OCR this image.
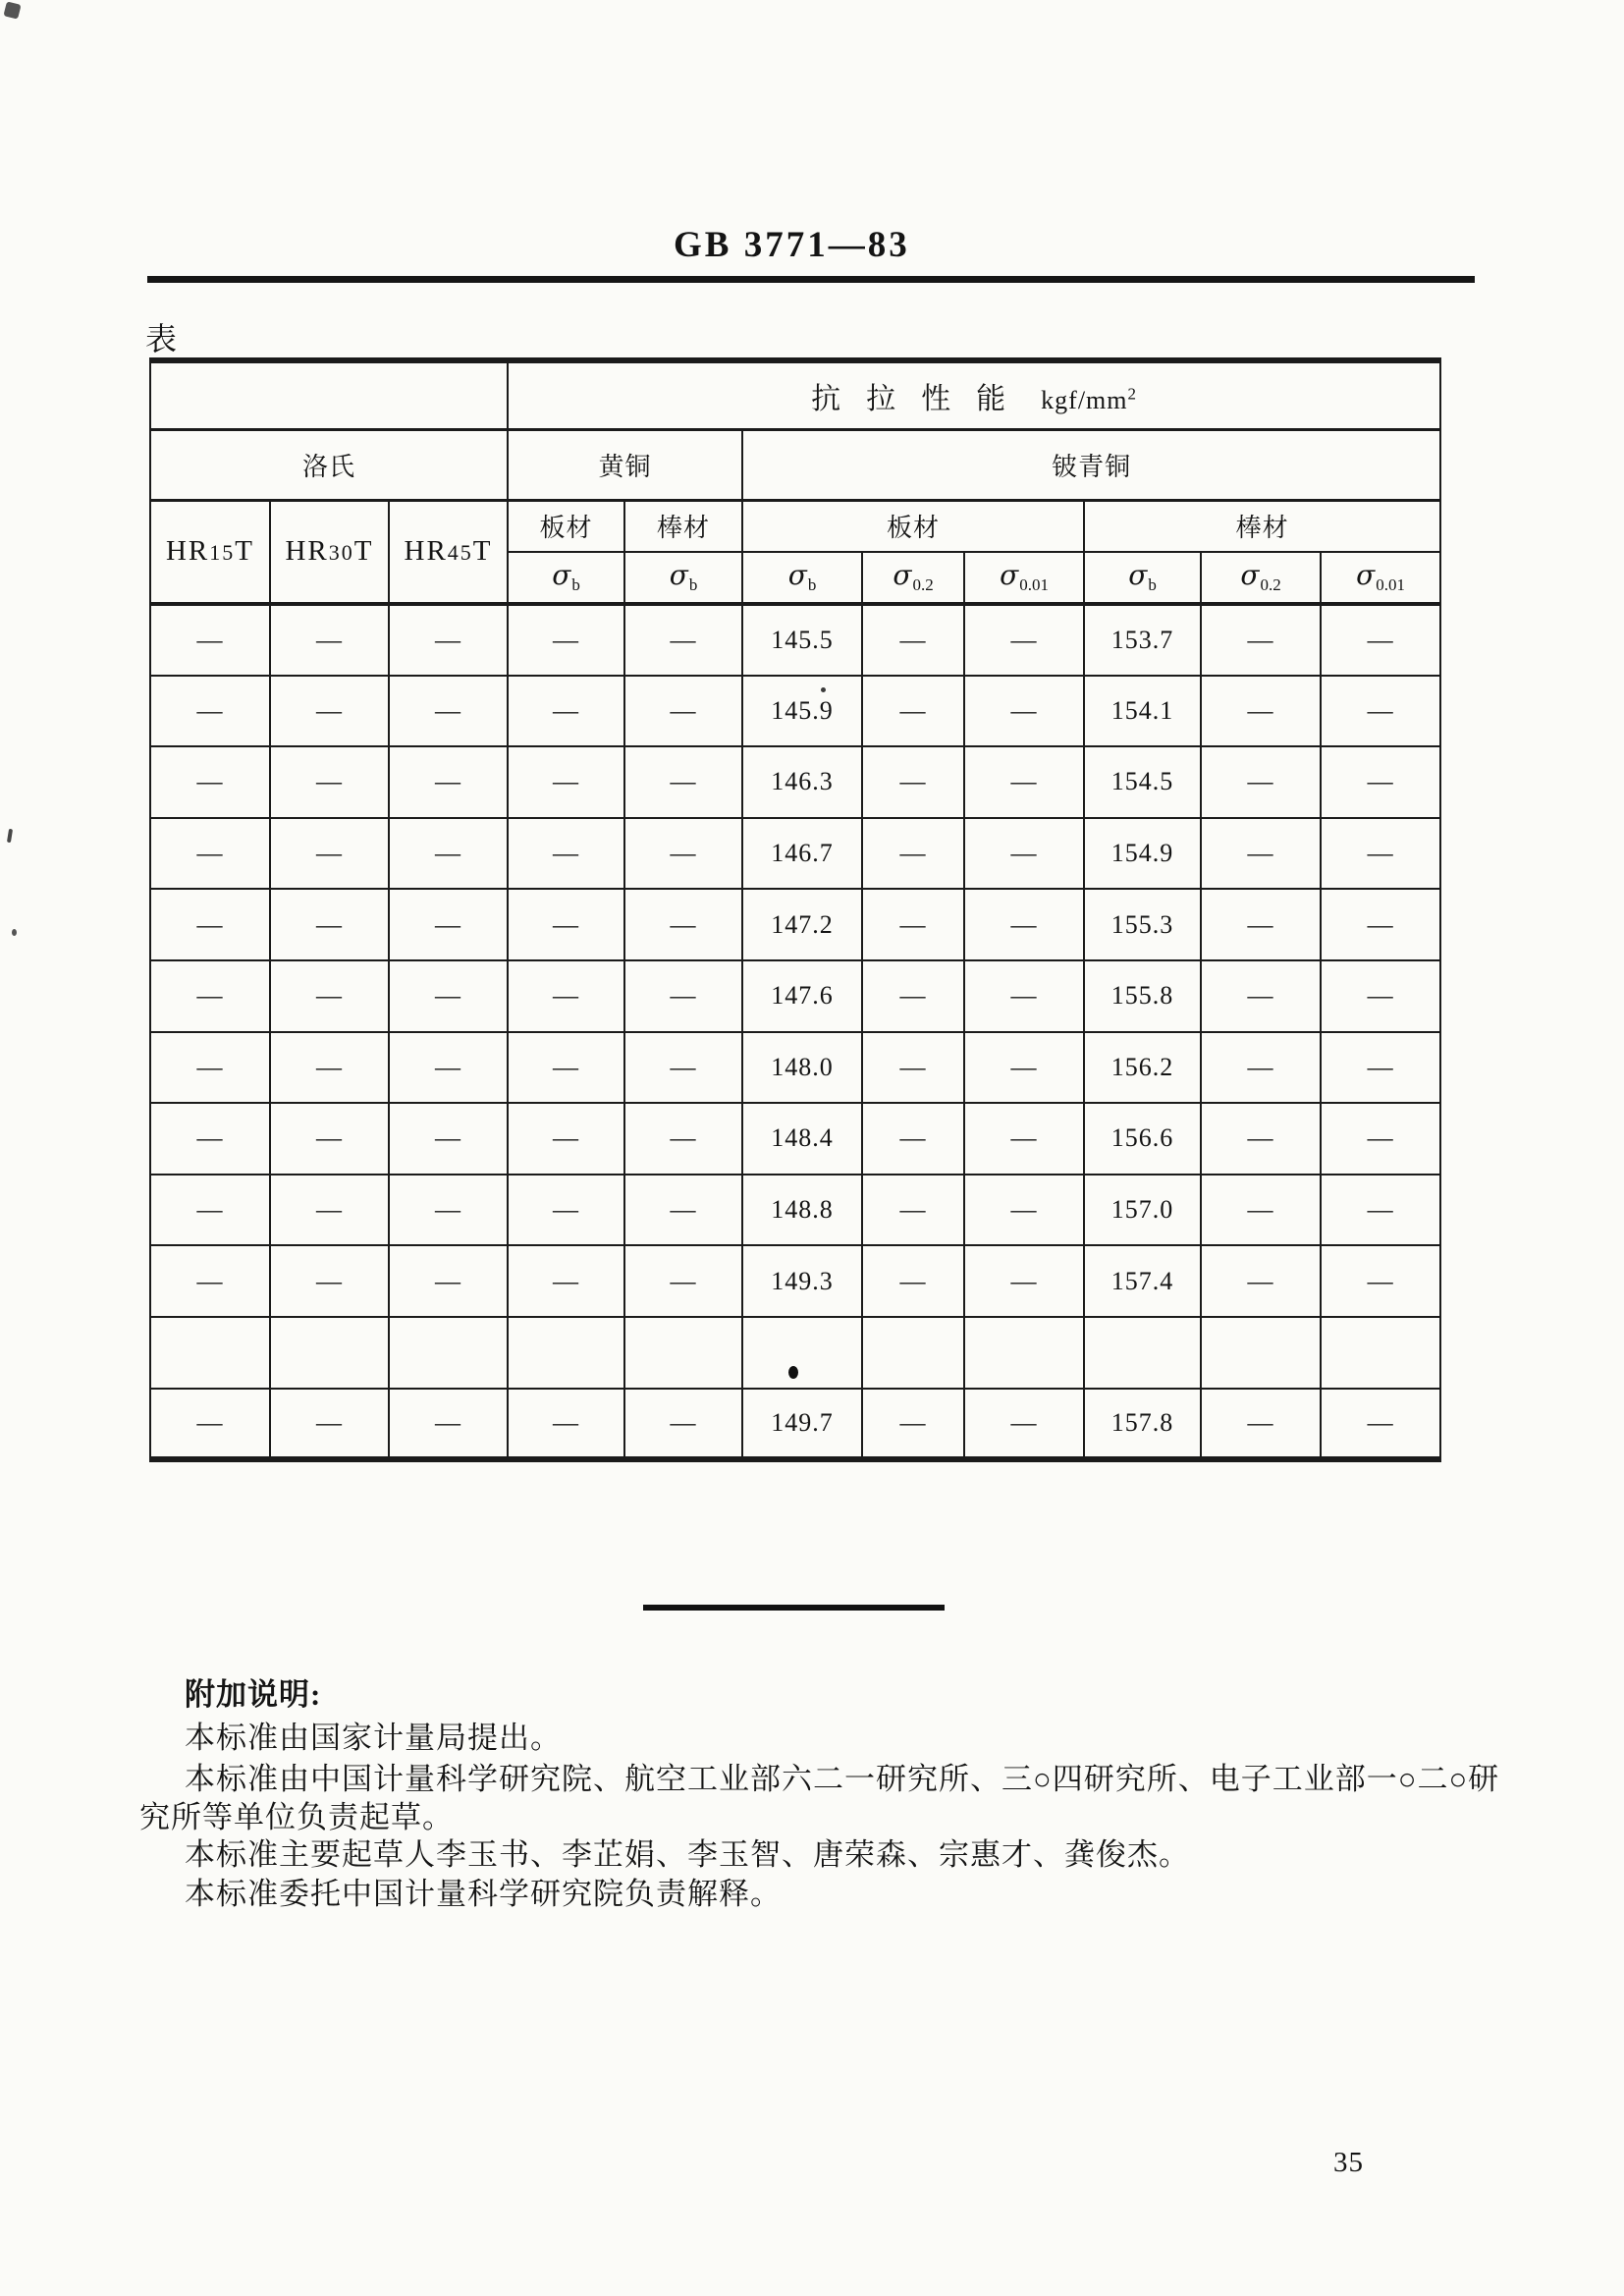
GB 3771—83
表
			抗拉性能 kgf/$mm^2$
洛氏			黄铜		铍青铜					
HR15T	HR30T	HR45T	板材	棒材	板材			棒材		
			$\sigma_b$	$\sigma_b$	$\sigma_b$	$\sigma_{0.2}$	$\sigma_{0.01}$	$\sigma_b$	$\sigma_{0.2}$	$\sigma_{0.01}$
—	—	—	—	—	145.5	—	—	153.7	—	—
—	—	—	—	—	145.9	—	—	154.1	—	—
—	—	—	—	—	146.3	—	—	154.5	—	—
—	—	—	—	—	146.7	—	—	154.9	—	—
—	—	—	—	—	147.2	—	—	155.3	—	—
—	—	—	—	—	147.6	—	—	155.8	—	—
—	—	—	—	—	148.0	—	—	156.2	—	—
—	—	—	—	—	148.4	—	—	156.6	—	—
—	—	—	—	—	148.8	—	—	157.0	—	—
—	—	—	—	—	149.3	—	—	157.4	—	—

—	—	—	—	—	149.7	—	—	157.8	—	—
附加说明:
本标准由国家计量局提出。
本标准由中国计量科学研究院、航空工业部六二一研究所、三○四研究所、电子工业部一○二○研
究所等单位负责起草。
本标准主要起草人李玉书、李芷娟、李玉智、唐荣森、宗惠才、龚俊杰。
本标准委托中国计量科学研究院负责解释。
35
